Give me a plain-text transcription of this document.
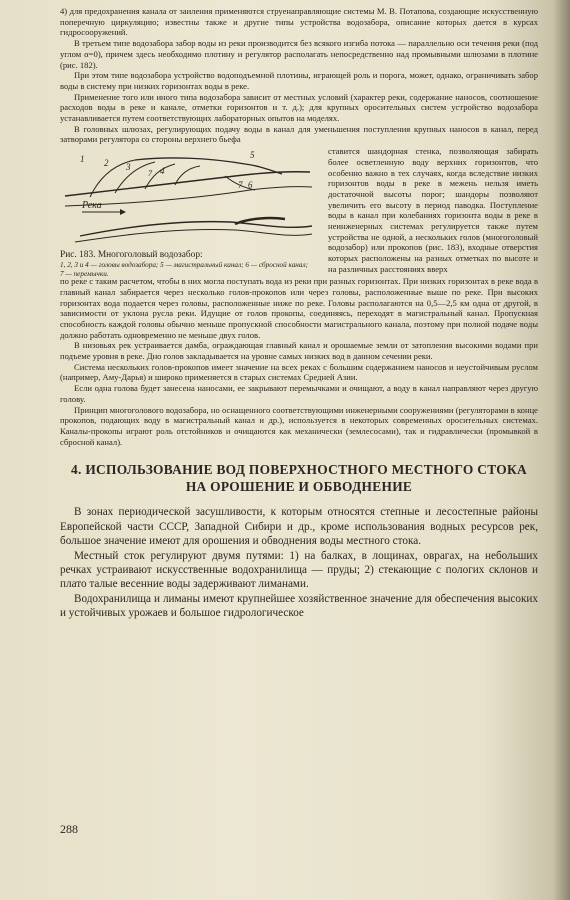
4) для предохранения канала от заиления применяются струенаправляющие системы М. В. Потапова, создающие искусственную поперечную циркуляцию; известны также и другие типы устройства водозабора, описание которых дается в курсах гидросооружений.

В третьем типе водозабора забор воды из реки производится без всякого изгиба потока — параллельно оси течения реки (под углом α=0), причем здесь необходимо плотину и регулятор располагать непосредственно над промывными шлюзами в плотине (рис. 182).

При этом типе водозабора устройство водоподъемной плотины, играющей роль и порога, может, однако, ограничивать забор воды в систему при низких горизонтах воды в реке.

Применение того или иного типа водозабора зависит от местных условий (характер реки, содержание наносов, соотношение расходов воды в реке и канале, отметки горизонтов и т. д.); для крупных оросительных систем устройство водозабора устанавливается путем соответствующих лабораторных опытов на моделях.

В головных шлюзах, регулирующих подачу воды в канал для уменьшения поступления крупных наносов в канал, перед затворами регулятора со стороны верхнего бьефа

1 2 3	4
5
7 6
7
Река
Рис. 183. Многоголовый водозабор:
1, 2, 3 и 4 — головы водозабора; 5 — магистральный канал; 6 — сбросной канал; 7 — перемычки.

ставится шандорная стенка, позволяющая забирать более осветленную воду верхних горизонтов, что особенно важно в тех случаях, когда вследствие низких горизонтов воды в реке в межень нельзя иметь достаточной высоты порог; шандоры позволяют увеличить его высоту в период паводка. Поступление воды в канал при колебаниях горизонта воды в реке в неинженерных системах регулируется также путем устройства не одной, а нескольких голов (многоголовый водозабор) или прокопов (рис. 183), входные отверстия которых расположены на разных отметках по высоте и на различных расстояниях вверх

по реке с таким расчетом, чтобы в них могла поступать вода из реки при разных горизонтах. При низких горизонтах в реке вода в главный канал забирается через несколько голов-прокопов или через головы, расположенные выше по реке. При высоких горизонтах вода подается через головы, расположенные ниже по реке. Головы располагаются на 0,5—2,5 км одна от другой, в зависимости от уклона русла реки. Идущие от голов прокопы, соединяясь, переходят в магистральный канал. Пропускная способность каждой головы обычно меньше пропускной способности магистрального канала, поэтому при полной подаче воды должно работать одновременно не меньше двух голов.

В низовьях рек устраивается дамба, ограждающая главный канал и орошаемые земли от затопления высокими водами при подъеме уровня в реке. Дно голов закладывается на уровне самых низких вод в данном сечении реки.

Система нескольких голов-прокопов имеет значение на всех реках с большим содержанием наносов и неустойчивым руслом (например, Аму-Дарья) и широко применяется в старых системах Средней Азии.

Если одна голова будет занесена наносами, ее закрывают перемычками и очищают, а воду в канал направляют через другую голову.

Принцип многоголового водозабора, но оснащенного соответствующими инженерными сооружениями (регуляторами в конце прокопов, подающих воду в магистральный канал и др.), используется в некоторых современных оросительных системах. Каналы-прокопы играют роль отстойников и очищаются как механически (землесосами), так и гидравлически (промывкой в сбросной канал).

4. ИСПОЛЬЗОВАНИЕ ВОД ПОВЕРХНОСТНОГО МЕСТНОГО СТОКА НА ОРОШЕНИЕ И ОБВОДНЕНИЕ

В зонах периодической засушливости, к которым относятся степные и лесостепные районы Европейской части СССР, Западной Сибири и др., кроме использования водных ресурсов рек, большое значение имеют для орошения и обводнения воды местного стока.

Местный сток регулируют двумя путями: 1) на балках, в лощинах, оврагах, на небольших речках устраивают искусственные водохранилища — пруды; 2) стекающие с пологих склонов и плато талые весенние воды задерживают лиманами.

Водохранилища и лиманы имеют крупнейшее хозяйственное значение для обеспечения высоких и устойчивых урожаев и большое гидрологическое

288
